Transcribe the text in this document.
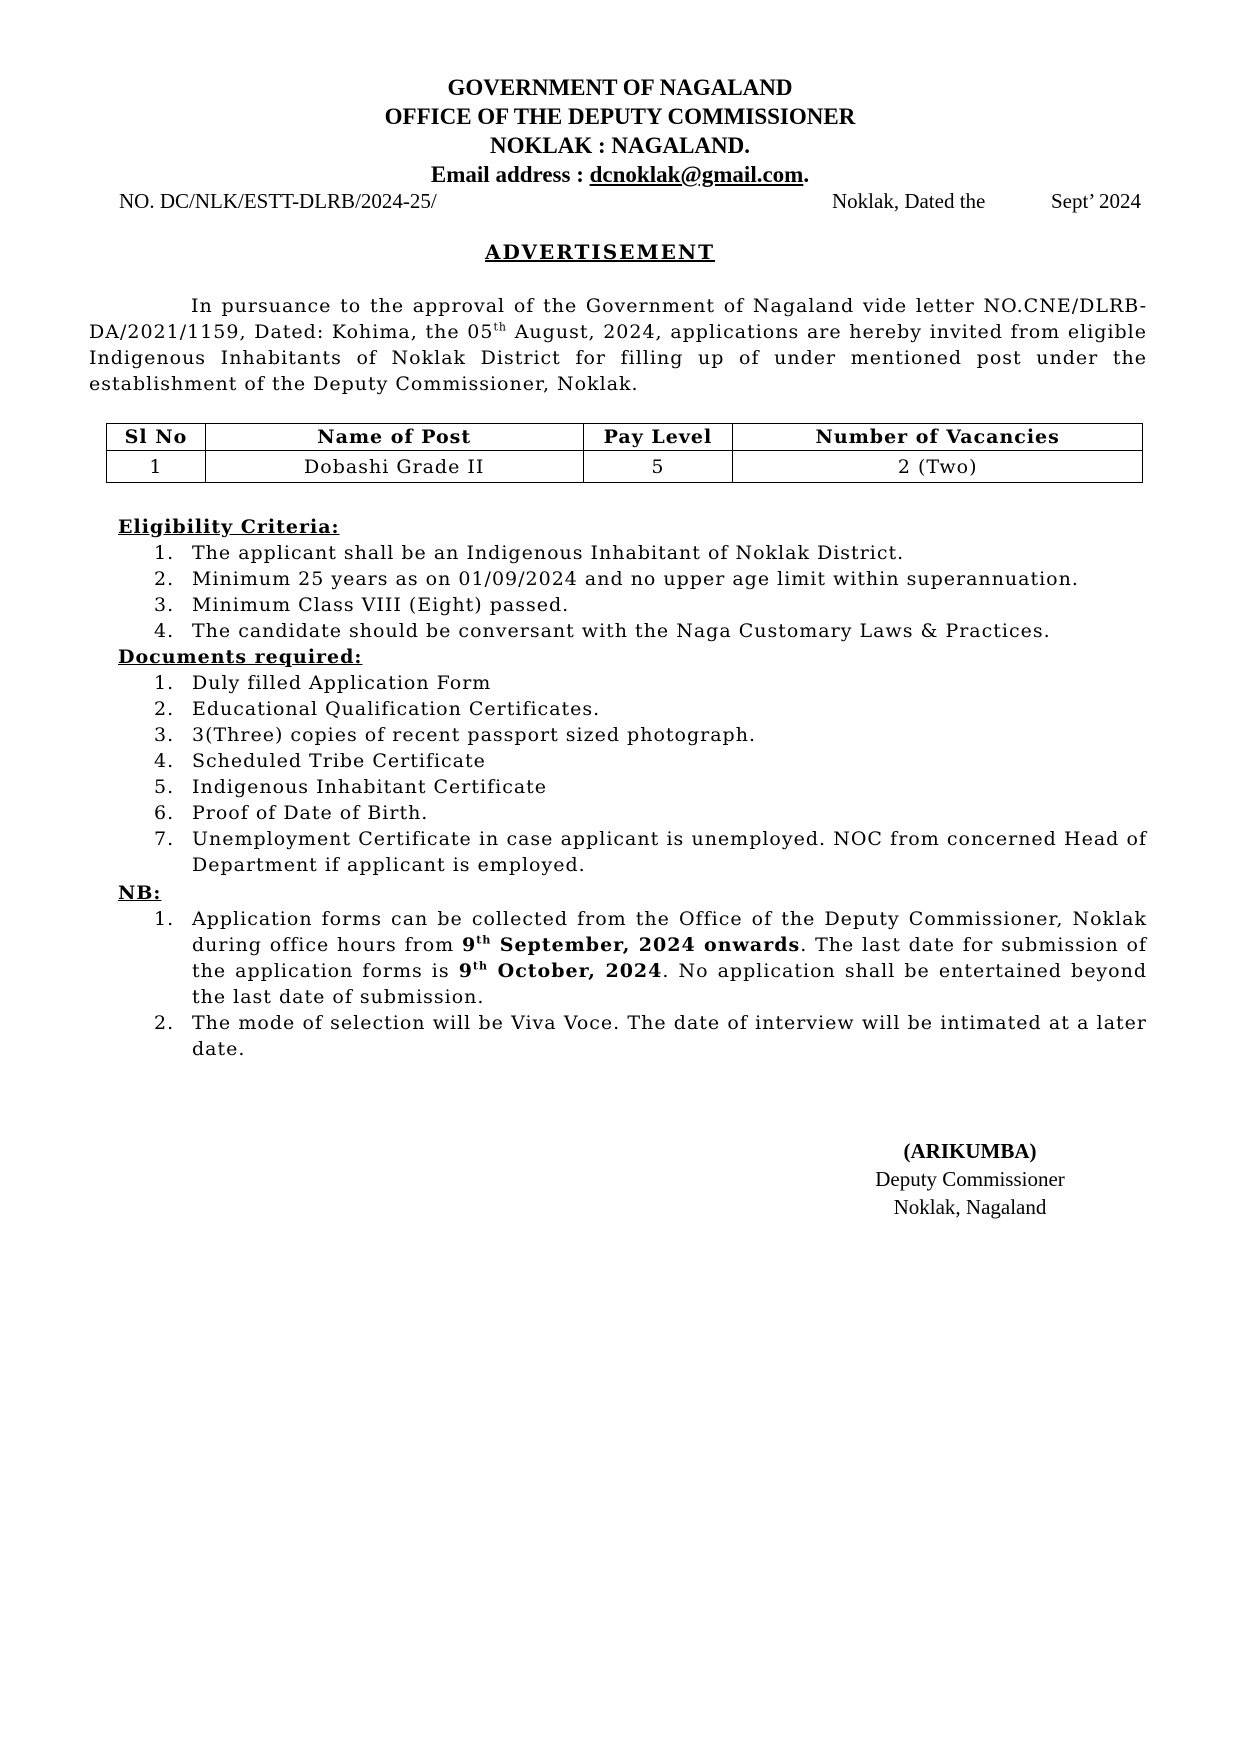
GOVERNMENT OF NAGALAND
OFFICE OF THE DEPUTY COMMISSIONER
NOKLAK : NAGALAND.
Email address : dcnoklak@gmail.com.
NO. DC/NLK/ESTT-DLRB/2024-25/	Noklak, Dated the	Sept’ 2024
ADVERTISEMENT
In pursuance to the approval of the Government of Nagaland vide letter NO.CNE/DLRB-DA/2021/1159, Dated: Kohima, the 05th August, 2024, applications are hereby invited from eligible Indigenous Inhabitants of Noklak District for filling up of under mentioned post under the establishment of the Deputy Commissioner, Noklak.
Sl No	Name of Post	Pay Level	Number of Vacancies
1	Dobashi Grade II	5	2 (Two)
Eligibility Criteria:
1. The applicant shall be an Indigenous Inhabitant of Noklak District.
2. Minimum 25 years as on 01/09/2024 and no upper age limit within superannuation.
3. Minimum Class VIII (Eight) passed.
4. The candidate should be conversant with the Naga Customary Laws & Practices.
Documents required:
1. Duly filled Application Form
2. Educational Qualification Certificates.
3. 3(Three) copies of recent passport sized photograph.
4. Scheduled Tribe Certificate
5. Indigenous Inhabitant Certificate
6. Proof of Date of Birth.
7. Unemployment Certificate in case applicant is unemployed. NOC from concerned Head of Department if applicant is employed.
NB:
1. Application forms can be collected from the Office of the Deputy Commissioner, Noklak during office hours from 9th September, 2024 onwards. The last date for submission of the application forms is 9th October, 2024. No application shall be entertained beyond the last date of submission.
2. The mode of selection will be Viva Voce. The date of interview will be intimated at a later date.
(ARIKUMBA)
Deputy Commissioner
Noklak, Nagaland
